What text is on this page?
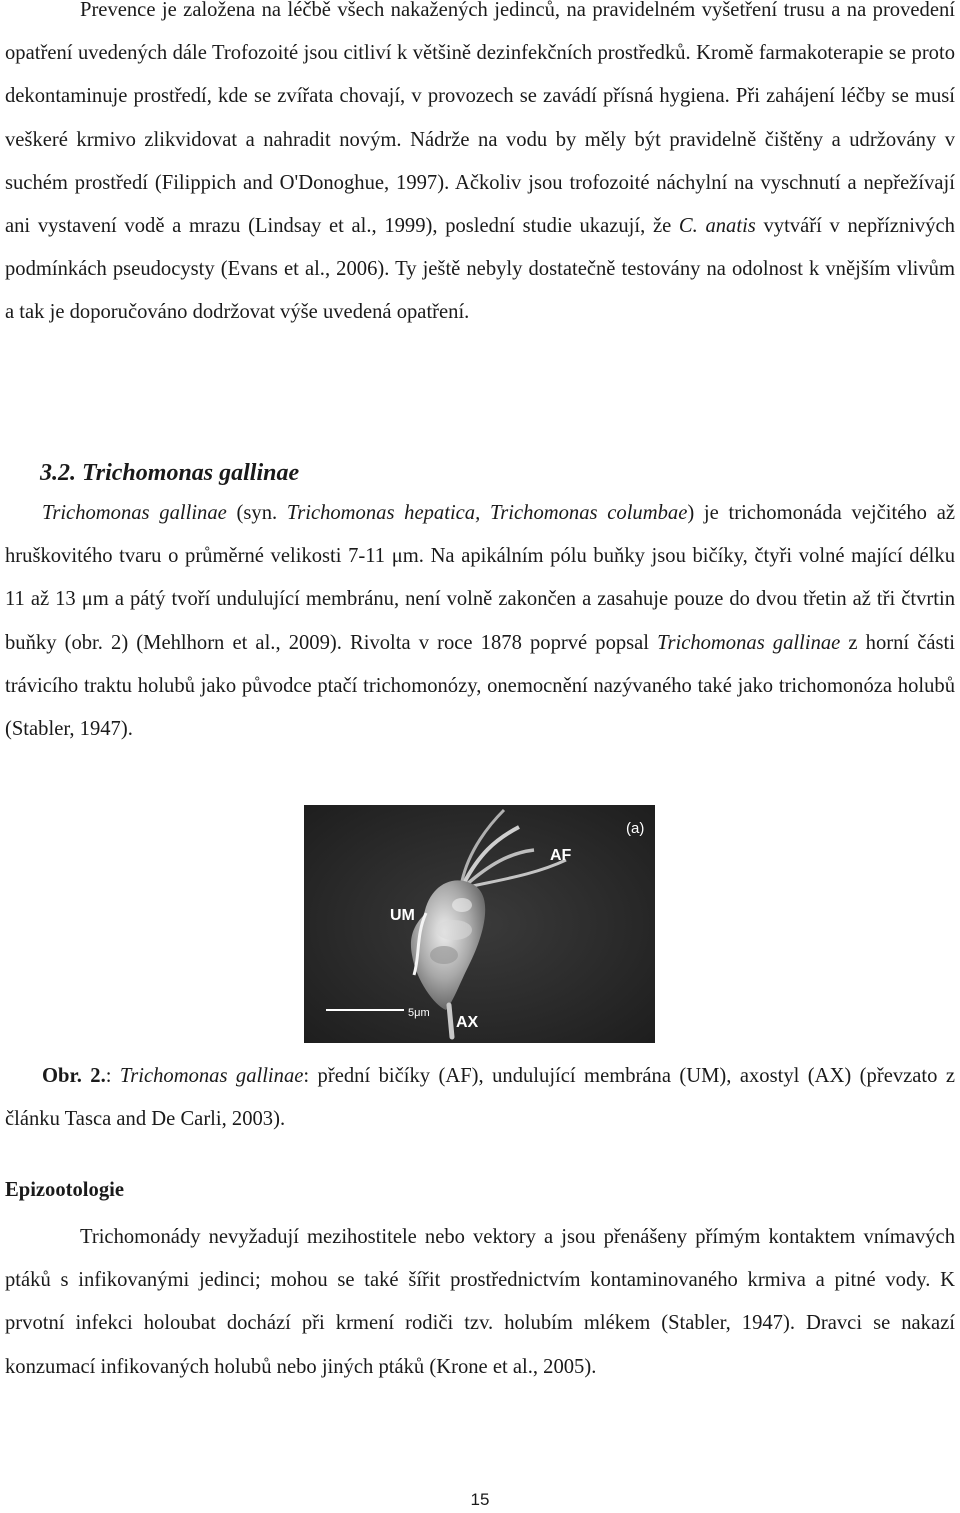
Prevence je založena na léčbě všech nakažených jedinců, na pravidelném vyšetření trusu a na provedení opatření uvedených dále Trofozoité jsou citliví k většině dezinfekčních prostředků. Kromě farmakoterapie se proto dekontaminuje prostředí, kde se zvířata chovají, v provozech se zavádí přísná hygiena. Při zahájení léčby se musí veškeré krmivo zlikvidovat a nahradit novým. Nádrže na vodu by měly být pravidelně čištěny a udržovány v suchém prostředí (Filippich and O'Donoghue, 1997). Ačkoliv jsou trofozoité náchylní na vyschnutí a nepřežívají ani vystavení vodě a mrazu (Lindsay et al., 1999), poslední studie ukazují, že C. anatis vytváří v nepříznivých podmínkách pseudocysty (Evans et al., 2006). Ty ještě nebyly dostatečně testovány na odolnost k vnějším vlivům a tak je doporučováno dodržovat výše uvedená opatření.

3.2. Trichomonas gallinae

Trichomonas gallinae (syn. Trichomonas hepatica, Trichomonas columbae) je trichomonáda vejčitého až hruškovitého tvaru o průměrné velikosti 7-11 μm. Na apikálním pólu buňky jsou bičíky, čtyři volné mající délku 11 až 13 μm a pátý tvoří undulující membránu, není volně zakončen a zasahuje pouze do dvou třetin až tři čtvrtin buňky (obr. 2) (Mehlhorn et al., 2009). Rivolta v roce 1878 poprvé popsal Trichomonas gallinae z horní části trávicího traktu holubů jako původce ptačí trichomonózy, onemocnění nazývaného také jako trichomonóza holubů (Stabler, 1947).

5μm
(a)
AF
UM
AX

Obr. 2.: Trichomonas gallinae: přední bičíky (AF), undulující membrána (UM), axostyl (AX) (převzato z článku Tasca and De Carli, 2003).

Epizootologie

Trichomonády nevyžadují mezihostitele nebo vektory a jsou přenášeny přímým kontaktem vnímavých ptáků s infikovanými jedinci; mohou se také šířit prostřednictvím kontaminovaného krmiva a pitné vody. K prvotní infekci holoubat dochází při krmení rodiči tzv. holubím mlékem (Stabler, 1947). Dravci se nakazí konzumací infikovaných holubů nebo jiných ptáků (Krone et al., 2005).

15
